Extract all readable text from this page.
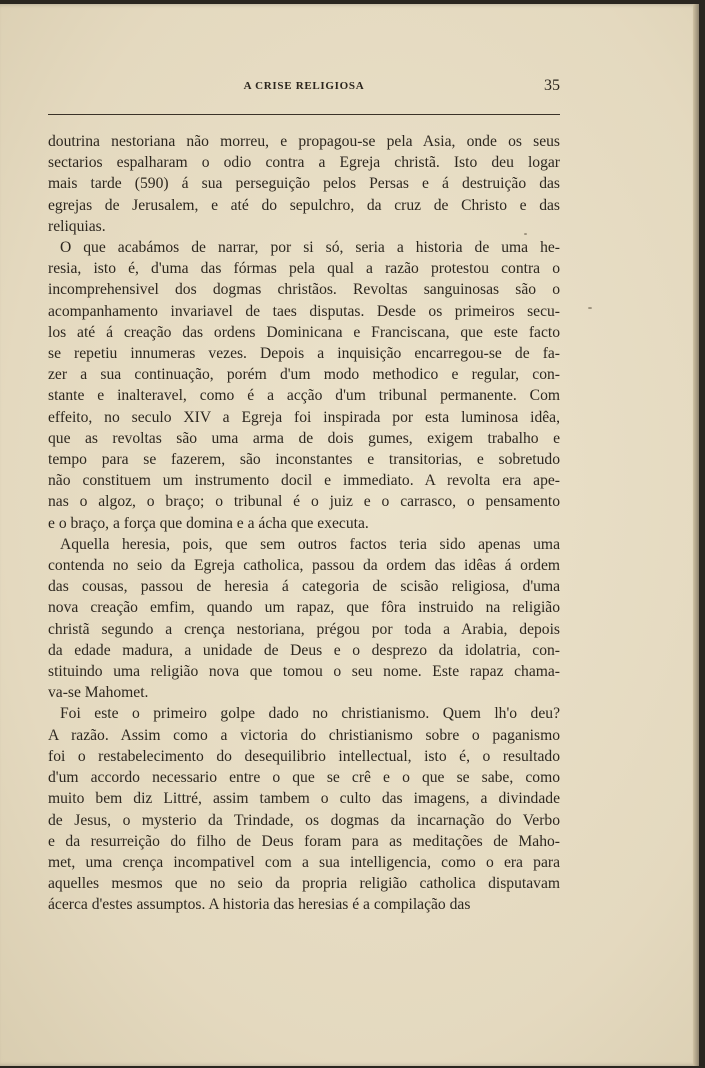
A CRISE RELIGIOSA	35

doutrina nestoriana não morreu, e propagou-se pela Asia, onde os seus
sectarios espalharam o odio contra a Egreja christã. Isto deu logar
mais tarde (590) á sua perseguição pelos Persas e á destruição das
egrejas de Jerusalem, e até do sepulchro, da cruz de Christo e das
reliquias.

O que acabámos de narrar, por si só, seria a historia de uma he-
resia, isto é, d'uma das fórmas pela qual a razão protestou contra o
incomprehensivel dos dogmas christãos. Revoltas sanguinosas são o
acompanhamento invariavel de taes disputas. Desde os primeiros secu-
los até á creação das ordens Dominicana e Franciscana, que este facto
se repetiu innumeras vezes. Depois a inquisição encarregou-se de fa-
zer a sua continuação, porém d'um modo methodico e regular, con-
stante e inalteravel, como é a acção d'um tribunal permanente. Com
effeito, no seculo XIV a Egreja foi inspirada por esta luminosa idêa,
que as revoltas são uma arma de dois gumes, exigem trabalho e
tempo para se fazerem, são inconstantes e transitorias, e sobretudo
não constituem um instrumento docil e immediato. A revolta era ape-
nas o algoz, o braço; o tribunal é o juiz e o carrasco, o pensamento
e o braço, a força que domina e a ácha que executa.

Aquella heresia, pois, que sem outros factos teria sido apenas uma
contenda no seio da Egreja catholica, passou da ordem das idêas á ordem
das cousas, passou de heresia á categoria de scisão religiosa, d'uma
nova creação emfim, quando um rapaz, que fôra instruido na religião
christã segundo a crença nestoriana, prégou por toda a Arabia, depois
da edade madura, a unidade de Deus e o desprezo da idolatria, con-
stituindo uma religião nova que tomou o seu nome. Este rapaz chama-
va-se Mahomet.

Foi este o primeiro golpe dado no christianismo. Quem lh'o deu?
A razão. Assim como a victoria do christianismo sobre o paganismo
foi o restabelecimento do desequilibrio intellectual, isto é, o resultado
d'um accordo necessario entre o que se crê e o que se sabe, como
muito bem diz Littré, assim tambem o culto das imagens, a divindade
de Jesus, o mysterio da Trindade, os dogmas da incarnação do Verbo
e da resurreição do filho de Deus foram para as meditações de Maho-
met, uma crença incompativel com a sua intelligencia, como o era para
aquelles mesmos que no seio da propria religião catholica disputavam
ácerca d'estes assumptos. A historia das heresias é a compilação das
